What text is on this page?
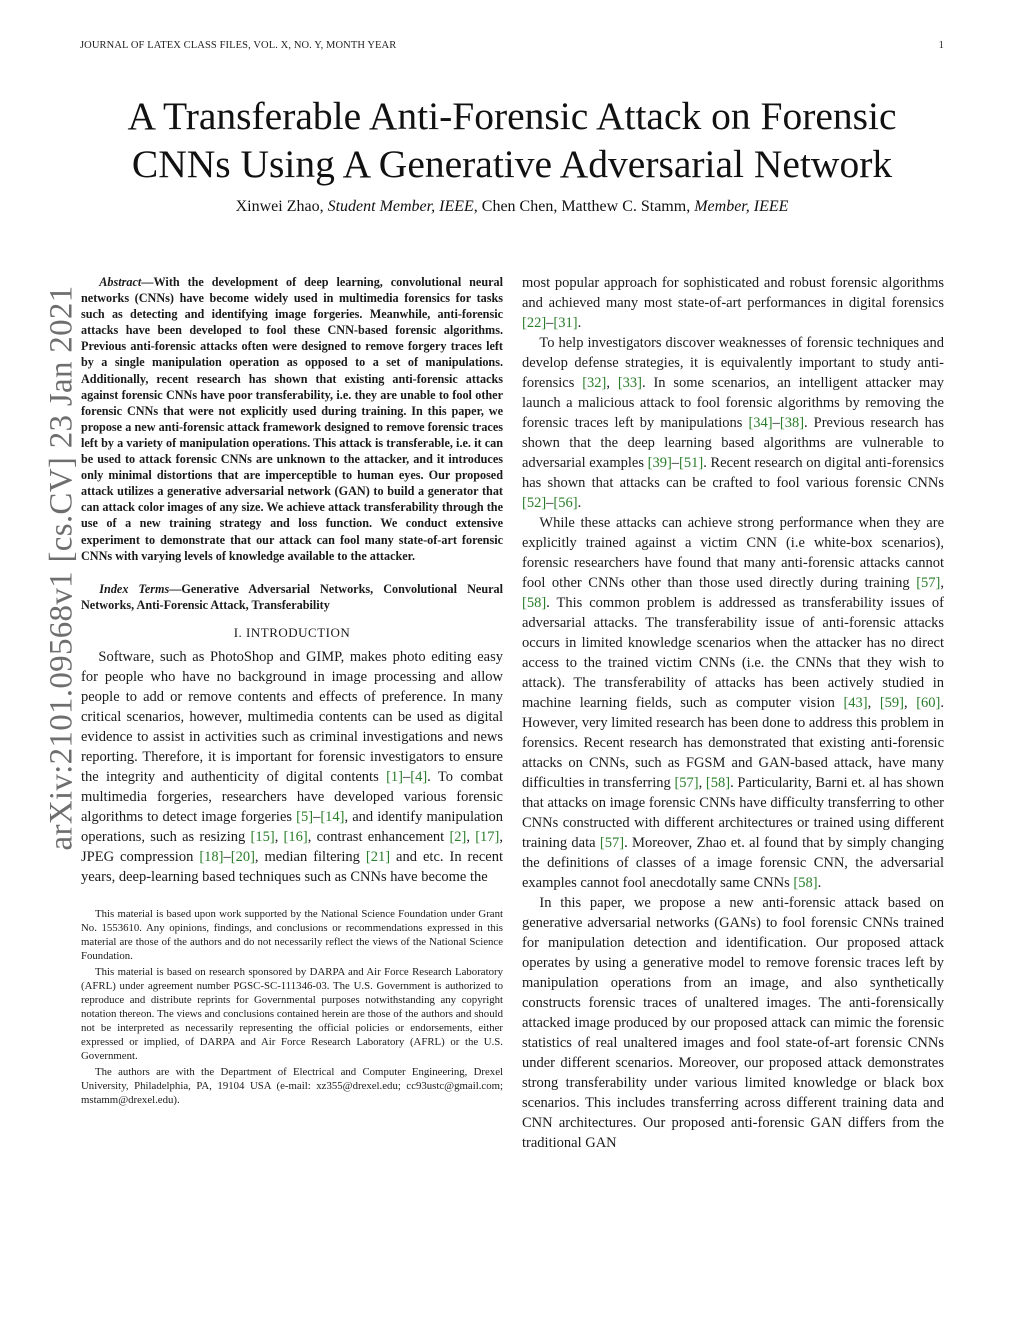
JOURNAL OF LATEX CLASS FILES, VOL. X, NO. Y, MONTH YEAR	1
arXiv:2101.09568v1 [cs.CV] 23 Jan 2021
A Transferable Anti-Forensic Attack on Forensic
CNNs Using A Generative Adversarial Network
Xinwei Zhao, Student Member, IEEE, Chen Chen, Matthew C. Stamm, Member, IEEE

Abstract—With the development of deep learning, convolutional neural networks (CNNs) have become widely used in multimedia forensics for tasks such as detecting and identifying image forgeries. Meanwhile, anti-forensic attacks have been developed to fool these CNN-based forensic algorithms. Previous anti-forensic attacks often were designed to remove forgery traces left by a single manipulation operation as opposed to a set of manipulations. Additionally, recent research has shown that existing anti-forensic attacks against forensic CNNs have poor transferability, i.e. they are unable to fool other forensic CNNs that were not explicitly used during training. In this paper, we propose a new anti-forensic attack framework designed to remove forensic traces left by a variety of manipulation operations. This attack is transferable, i.e. it can be used to attack forensic CNNs are unknown to the attacker, and it introduces only minimal distortions that are imperceptible to human eyes. Our proposed attack utilizes a generative adversarial network (GAN) to build a generator that can attack color images of any size. We achieve attack transferability through the use of a new training strategy and loss function. We conduct extensive experiment to demonstrate that our attack can fool many state-of-art forensic CNNs with varying levels of knowledge available to the attacker.

Index Terms—Generative Adversarial Networks, Convolutional Neural Networks, Anti-Forensic Attack, Transferability

I. INTRODUCTION

Software, such as PhotoShop and GIMP, makes photo editing easy for people who have no background in image processing and allow people to add or remove contents and effects of preference. In many critical scenarios, however, multimedia contents can be used as digital evidence to assist in activities such as criminal investigations and news reporting. Therefore, it is important for forensic investigators to ensure the integrity and authenticity of digital contents [1]–[4]. To combat multimedia forgeries, researchers have developed various forensic algorithms to detect image forgeries [5]–[14], and identify manipulation operations, such as resizing [15], [16], contrast enhancement [2], [17], JPEG compression [18]–[20], median filtering [21] and etc. In recent years, deep-learning based techniques such as CNNs have become the

This material is based upon work supported by the National Science Foundation under Grant No. 1553610. Any opinions, findings, and conclusions or recommendations expressed in this material are those of the authors and do not necessarily reflect the views of the National Science Foundation.

This material is based on research sponsored by DARPA and Air Force Research Laboratory (AFRL) under agreement number PGSC-SC-111346-03. The U.S. Government is authorized to reproduce and distribute reprints for Governmental purposes notwithstanding any copyright notation thereon. The views and conclusions contained herein are those of the authors and should not be interpreted as necessarily representing the official policies or endorsements, either expressed or implied, of DARPA and Air Force Research Laboratory (AFRL) or the U.S. Government.

The authors are with the Department of Electrical and Computer Engineering, Drexel University, Philadelphia, PA, 19104 USA (e-mail: xz355@drexel.edu; cc93ustc@gmail.com; mstamm@drexel.edu).

most popular approach for sophisticated and robust forensic algorithms and achieved many most state-of-art performances in digital forensics [22]–[31].

To help investigators discover weaknesses of forensic techniques and develop defense strategies, it is equivalently important to study anti-forensics [32], [33]. In some scenarios, an intelligent attacker may launch a malicious attack to fool forensic algorithms by removing the forensic traces left by manipulations [34]–[38]. Previous research has shown that the deep learning based algorithms are vulnerable to adversarial examples [39]–[51]. Recent research on digital anti-forensics has shown that attacks can be crafted to fool various forensic CNNs [52]–[56].

While these attacks can achieve strong performance when they are explicitly trained against a victim CNN (i.e white-box scenarios), forensic researchers have found that many anti-forensic attacks cannot fool other CNNs other than those used directly during training [57], [58]. This common problem is addressed as transferability issues of adversarial attacks. The transferability issue of anti-forensic attacks occurs in limited knowledge scenarios when the attacker has no direct access to the trained victim CNNs (i.e. the CNNs that they wish to attack). The transferability of attacks has been actively studied in machine learning fields, such as computer vision [43], [59], [60]. However, very limited research has been done to address this problem in forensics. Recent research has demonstrated that existing anti-forensic attacks on CNNs, such as FGSM and GAN-based attack, have many difficulties in transferring [57], [58]. Particularity, Barni et. al has shown that attacks on image forensic CNNs have difficulty transferring to other CNNs constructed with different architectures or trained using different training data [57]. Moreover, Zhao et. al found that by simply changing the definitions of classes of a image forensic CNN, the adversarial examples cannot fool anecdotally same CNNs [58].

In this paper, we propose a new anti-forensic attack based on generative adversarial networks (GANs) to fool forensic CNNs trained for manipulation detection and identification. Our proposed attack operates by using a generative model to remove forensic traces left by manipulation operations from an image, and also synthetically constructs forensic traces of unaltered images. The anti-forensically attacked image produced by our proposed attack can mimic the forensic statistics of real unaltered images and fool state-of-art forensic CNNs under different scenarios. Moreover, our proposed attack demonstrates strong transferability under various limited knowledge or black box scenarios. This includes transferring across different training data and CNN architectures. Our proposed anti-forensic GAN differs from the traditional GAN
